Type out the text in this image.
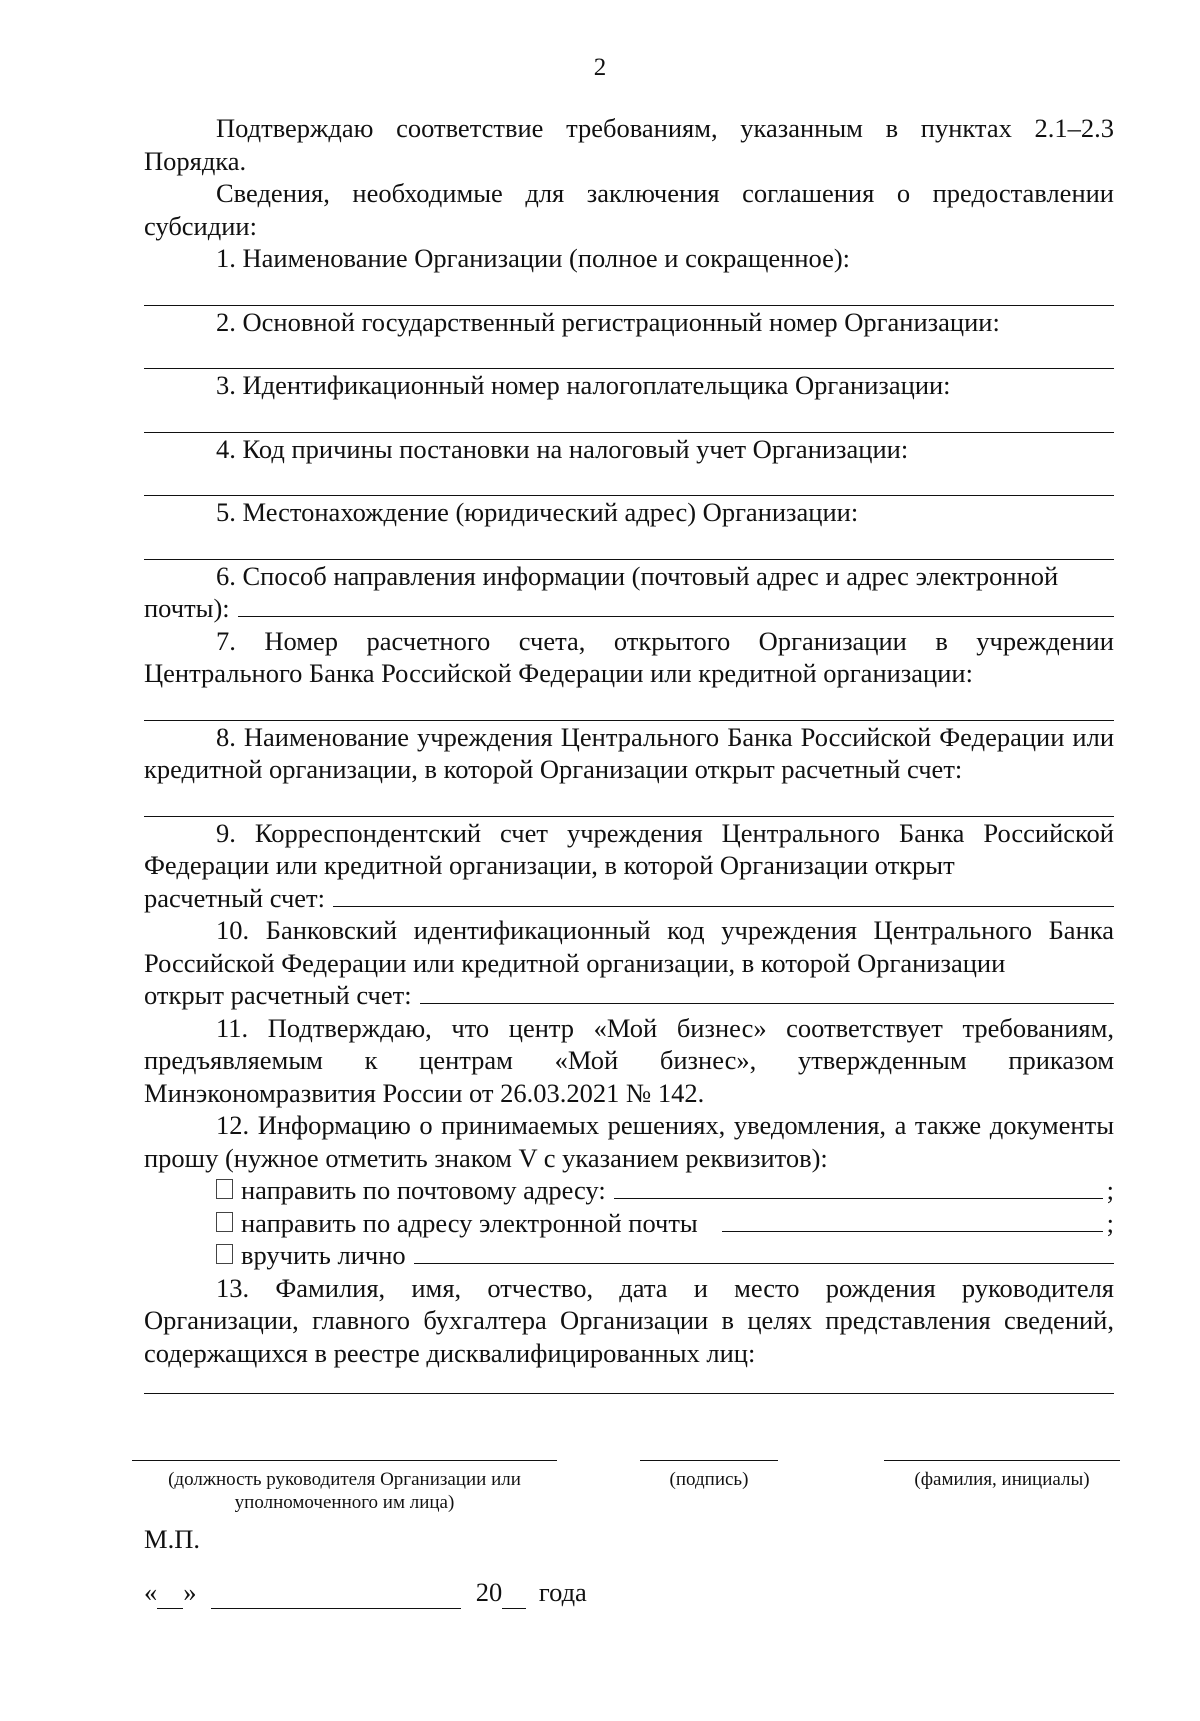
2

Подтверждаю соответствие требованиям, указанным в пунктах 2.1–2.3 Порядка.

Сведения, необходимые для заключения соглашения о предоставлении субсидии:

1. Наименование Организации (полное и сокращенное):

2. Основной государственный регистрационный номер Организации:

3. Идентификационный номер налогоплательщика Организации:

4. Код причины постановки на налоговый учет Организации:

5. Местонахождение (юридический адрес) Организации:

6. Способ направления информации (почтовый адрес и адрес электронной

почты):

7. Номер расчетного счета, открытого Организации в учреждении Центрального Банка Российской Федерации или кредитной организации:

8. Наименование учреждения Центрального Банка Российской Федерации или кредитной организации, в которой Организации открыт расчетный счет:

9. Корреспондентский счет учреждения Центрального Банка Российской Федерации или кредитной организации, в которой Организации открыт

расчетный счет:

10. Банковский идентификационный код учреждения Центрального Банка Российской Федерации или кредитной организации, в которой Организации

открыт расчетный счет:

11. Подтверждаю, что центр «Мой бизнес» соответствует требованиям, предъявляемым к центрам «Мой бизнес», утвержденным приказом Минэкономразвития России от 26.03.2021 № 142.

12. Информацию о принимаемых решениях, уведомления, а также документы прошу (нужное отметить знаком V с указанием реквизитов):

направить по почтовому адресу:	;
направить по адресу электронной почты	;
вручить лично

13. Фамилия, имя, отчество, дата и место рождения руководителя Организации, главного бухгалтера Организации в целях представления сведений, содержащихся в реестре дисквалифицированных лиц:

(должность руководителя Организации или уполномоченного им лица)
(подпись)	(фамилия, инициалы)
М.П.
« »	20 года
